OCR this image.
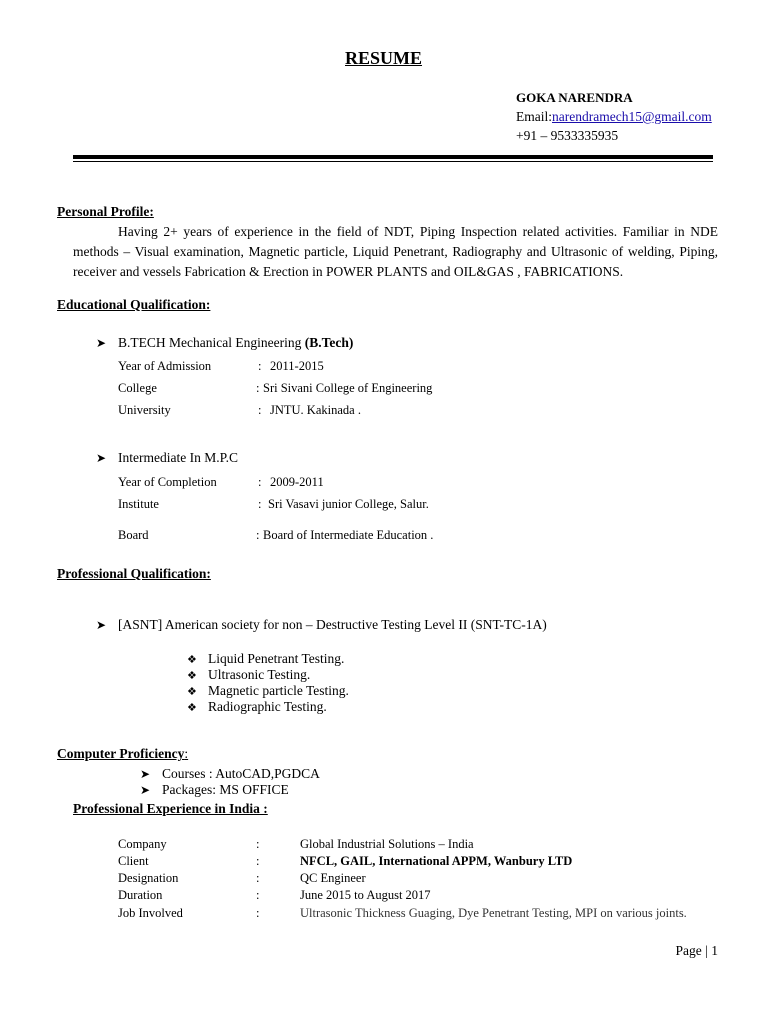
RESUME
GOKA NARENDRA
Email:narendramech15@gmail.com
+91 – 9533335935
Personal Profile:
Having 2+ years of experience in the field of NDT, Piping Inspection related activities. Familiar in NDE methods – Visual examination, Magnetic particle, Liquid Penetrant, Radiography and Ultrasonic of welding, Piping, receiver and vessels Fabrication & Erection in POWER PLANTS and OIL&GAS , FABRICATIONS.
Educational Qualification:
➤ B.TECH Mechanical Engineering (B.Tech)
Year of Admission	: 2011-2015
College	: Sri Sivani College of Engineering
University	: JNTU. Kakinada .
➤ Intermediate In M.P.C
Year of Completion	: 2009-2011
Institute	: Sri Vasavi junior College, Salur.
Board	: Board of Intermediate Education .
Professional Qualification:
➤ [ASNT] American society for non – Destructive Testing Level II (SNT-TC-1A)
❖ Liquid Penetrant Testing.
❖ Ultrasonic Testing.
❖ Magnetic particle Testing.
❖ Radiographic Testing.
Computer Proficiency:
➤ Courses : AutoCAD,PGDCA
➤ Packages: MS OFFICE
Professional Experience in India :
Company	:	Global Industrial Solutions – India
Client	:	NFCL, GAIL, International APPM, Wanbury LTD
Designation	:	QC Engineer
Duration	:	June 2015 to August 2017
Job Involved	:	Ultrasonic Thickness Guaging, Dye Penetrant Testing, MPI on various joints.
Page | 1
